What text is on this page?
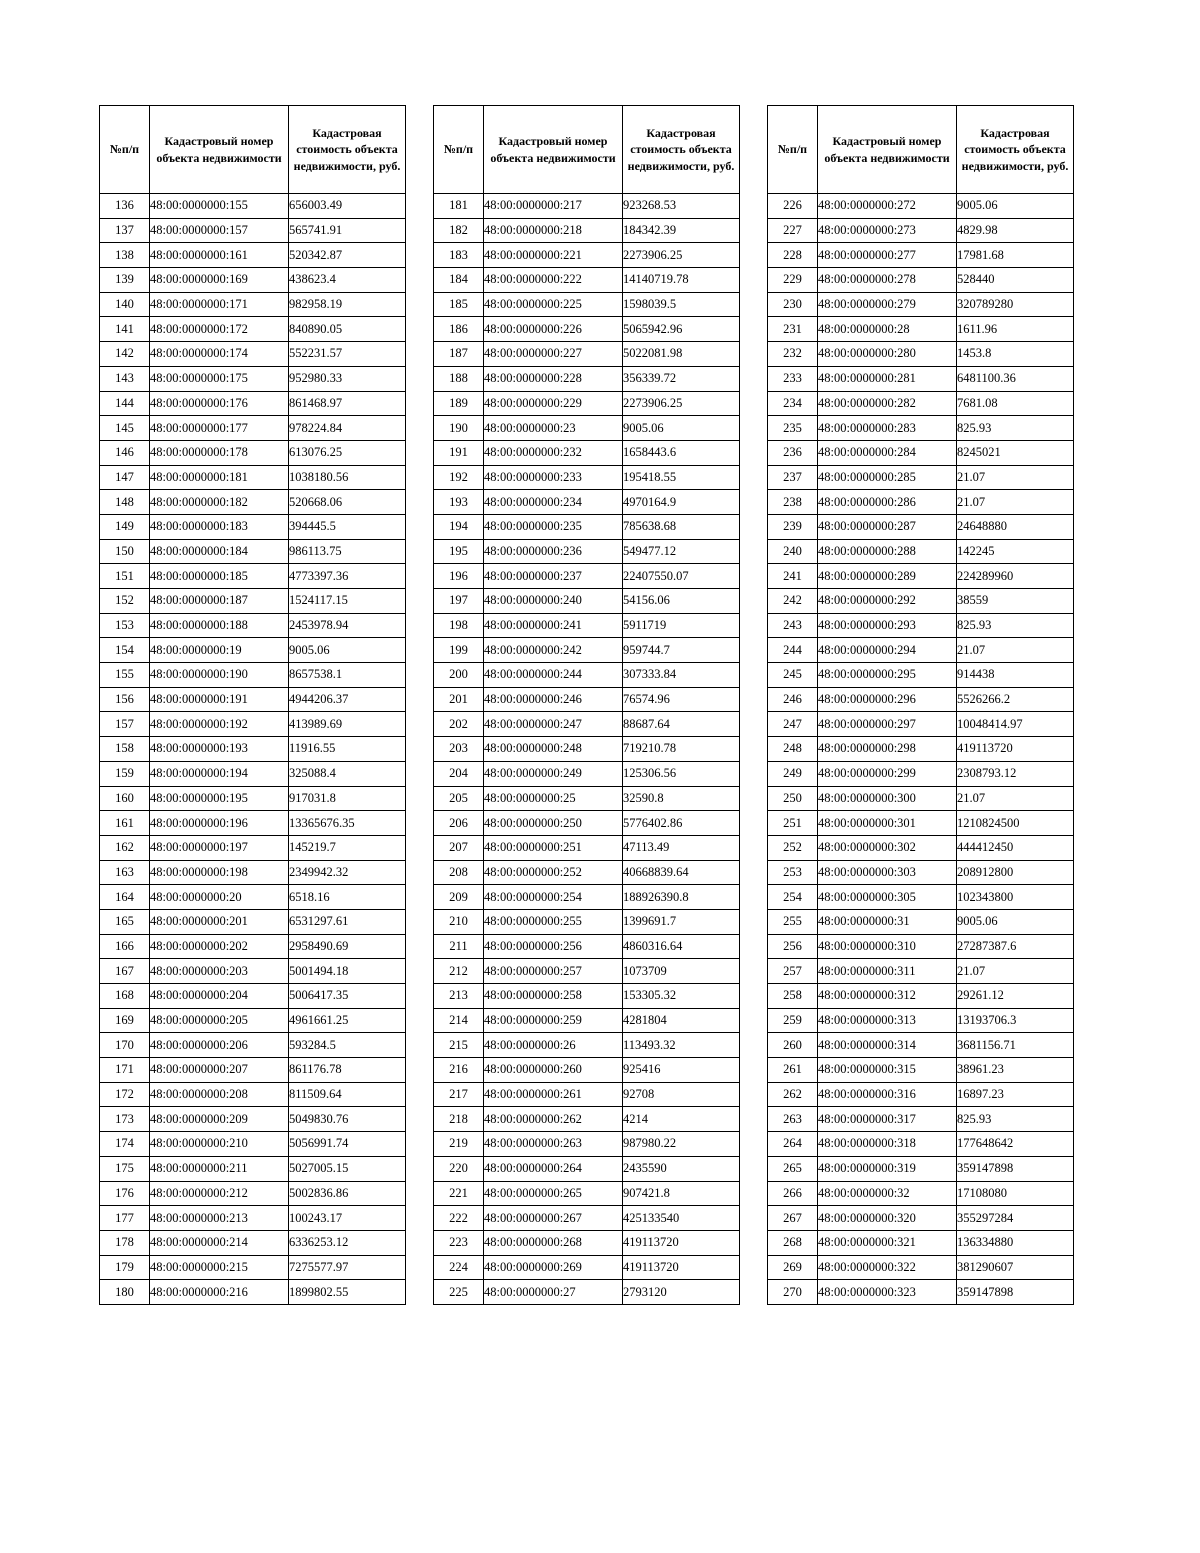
№п/п	Кадастровый номер объекта недвижимости	Кадастровая стоимость объекта недвижимости, руб.
136	48:00:0000000:155	656003.49
137	48:00:0000000:157	565741.91
138	48:00:0000000:161	520342.87
139	48:00:0000000:169	438623.4
140	48:00:0000000:171	982958.19
141	48:00:0000000:172	840890.05
142	48:00:0000000:174	552231.57
143	48:00:0000000:175	952980.33
144	48:00:0000000:176	861468.97
145	48:00:0000000:177	978224.84
146	48:00:0000000:178	613076.25
147	48:00:0000000:181	1038180.56
148	48:00:0000000:182	520668.06
149	48:00:0000000:183	394445.5
150	48:00:0000000:184	986113.75
151	48:00:0000000:185	4773397.36
152	48:00:0000000:187	1524117.15
153	48:00:0000000:188	2453978.94
154	48:00:0000000:19	9005.06
155	48:00:0000000:190	8657538.1
156	48:00:0000000:191	4944206.37
157	48:00:0000000:192	413989.69
158	48:00:0000000:193	11916.55
159	48:00:0000000:194	325088.4
160	48:00:0000000:195	917031.8
161	48:00:0000000:196	13365676.35
162	48:00:0000000:197	145219.7
163	48:00:0000000:198	2349942.32
164	48:00:0000000:20	6518.16
165	48:00:0000000:201	6531297.61
166	48:00:0000000:202	2958490.69
167	48:00:0000000:203	5001494.18
168	48:00:0000000:204	5006417.35
169	48:00:0000000:205	4961661.25
170	48:00:0000000:206	593284.5
171	48:00:0000000:207	861176.78
172	48:00:0000000:208	811509.64
173	48:00:0000000:209	5049830.76
174	48:00:0000000:210	5056991.74
175	48:00:0000000:211	5027005.15
176	48:00:0000000:212	5002836.86
177	48:00:0000000:213	100243.17
178	48:00:0000000:214	6336253.12
179	48:00:0000000:215	7275577.97
180	48:00:0000000:216	1899802.55
№п/п	Кадастровый номер объекта недвижимости	Кадастровая стоимость объекта недвижимости, руб.
181	48:00:0000000:217	923268.53
182	48:00:0000000:218	184342.39
183	48:00:0000000:221	2273906.25
184	48:00:0000000:222	14140719.78
185	48:00:0000000:225	1598039.5
186	48:00:0000000:226	5065942.96
187	48:00:0000000:227	5022081.98
188	48:00:0000000:228	356339.72
189	48:00:0000000:229	2273906.25
190	48:00:0000000:23	9005.06
191	48:00:0000000:232	1658443.6
192	48:00:0000000:233	195418.55
193	48:00:0000000:234	4970164.9
194	48:00:0000000:235	785638.68
195	48:00:0000000:236	549477.12
196	48:00:0000000:237	22407550.07
197	48:00:0000000:240	54156.06
198	48:00:0000000:241	5911719
199	48:00:0000000:242	959744.7
200	48:00:0000000:244	307333.84
201	48:00:0000000:246	76574.96
202	48:00:0000000:247	88687.64
203	48:00:0000000:248	719210.78
204	48:00:0000000:249	125306.56
205	48:00:0000000:25	32590.8
206	48:00:0000000:250	5776402.86
207	48:00:0000000:251	47113.49
208	48:00:0000000:252	40668839.64
209	48:00:0000000:254	188926390.8
210	48:00:0000000:255	1399691.7
211	48:00:0000000:256	4860316.64
212	48:00:0000000:257	1073709
213	48:00:0000000:258	153305.32
214	48:00:0000000:259	4281804
215	48:00:0000000:26	113493.32
216	48:00:0000000:260	925416
217	48:00:0000000:261	92708
218	48:00:0000000:262	4214
219	48:00:0000000:263	987980.22
220	48:00:0000000:264	2435590
221	48:00:0000000:265	907421.8
222	48:00:0000000:267	425133540
223	48:00:0000000:268	419113720
224	48:00:0000000:269	419113720
225	48:00:0000000:27	2793120
№п/п	Кадастровый номер объекта недвижимости	Кадастровая стоимость объекта недвижимости, руб.
226	48:00:0000000:272	9005.06
227	48:00:0000000:273	4829.98
228	48:00:0000000:277	17981.68
229	48:00:0000000:278	528440
230	48:00:0000000:279	320789280
231	48:00:0000000:28	1611.96
232	48:00:0000000:280	1453.8
233	48:00:0000000:281	6481100.36
234	48:00:0000000:282	7681.08
235	48:00:0000000:283	825.93
236	48:00:0000000:284	8245021
237	48:00:0000000:285	21.07
238	48:00:0000000:286	21.07
239	48:00:0000000:287	24648880
240	48:00:0000000:288	142245
241	48:00:0000000:289	224289960
242	48:00:0000000:292	38559
243	48:00:0000000:293	825.93
244	48:00:0000000:294	21.07
245	48:00:0000000:295	914438
246	48:00:0000000:296	5526266.2
247	48:00:0000000:297	10048414.97
248	48:00:0000000:298	419113720
249	48:00:0000000:299	2308793.12
250	48:00:0000000:300	21.07
251	48:00:0000000:301	1210824500
252	48:00:0000000:302	444412450
253	48:00:0000000:303	208912800
254	48:00:0000000:305	102343800
255	48:00:0000000:31	9005.06
256	48:00:0000000:310	27287387.6
257	48:00:0000000:311	21.07
258	48:00:0000000:312	29261.12
259	48:00:0000000:313	13193706.3
260	48:00:0000000:314	3681156.71
261	48:00:0000000:315	38961.23
262	48:00:0000000:316	16897.23
263	48:00:0000000:317	825.93
264	48:00:0000000:318	177648642
265	48:00:0000000:319	359147898
266	48:00:0000000:32	17108080
267	48:00:0000000:320	355297284
268	48:00:0000000:321	136334880
269	48:00:0000000:322	381290607
270	48:00:0000000:323	359147898
